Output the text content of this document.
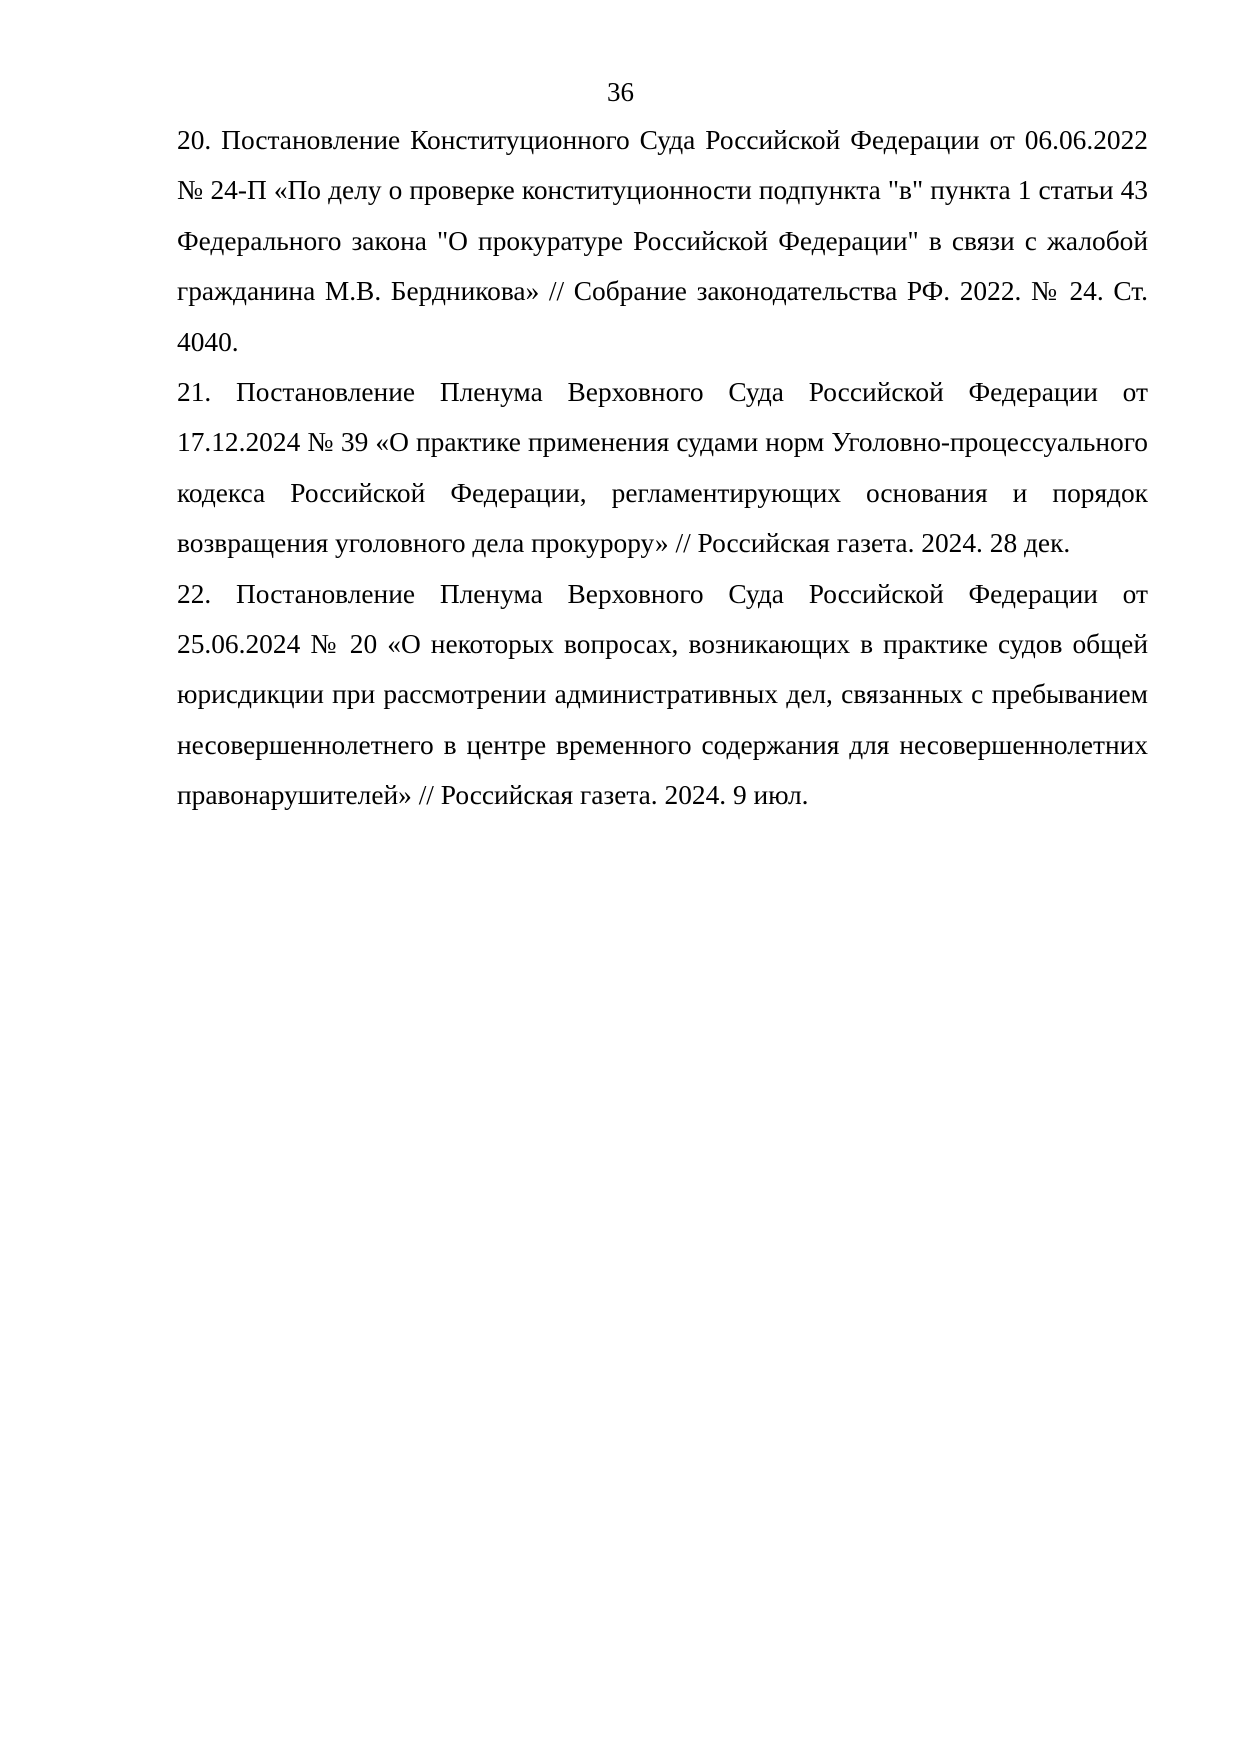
36

20. Постановление Конституционного Суда Российской Федерации от 06.06.2022 № 24-П «По делу о проверке конституционности подпункта "в" пункта 1 статьи 43 Федерального закона "О прокуратуре Российской Федерации" в связи с жалобой гражданина М.В. Бердникова» // Собрание законодательства РФ. 2022. № 24. Ст. 4040.

21. Постановление Пленума Верховного Суда Российской Федерации от 17.12.2024 № 39 «О практике применения судами норм Уголовно-процессуального кодекса Российской Федерации, регламентирующих основания и порядок возвращения уголовного дела прокурору» // Российская газета. 2024. 28 дек.

22. Постановление Пленума Верховного Суда Российской Федерации от 25.06.2024 № 20 «О некоторых вопросах, возникающих в практике судов общей юрисдикции при рассмотрении административных дел, связанных с пребыванием несовершеннолетнего в центре временного содержания для несовершеннолетних правонарушителей» // Российская газета. 2024. 9 июл.
